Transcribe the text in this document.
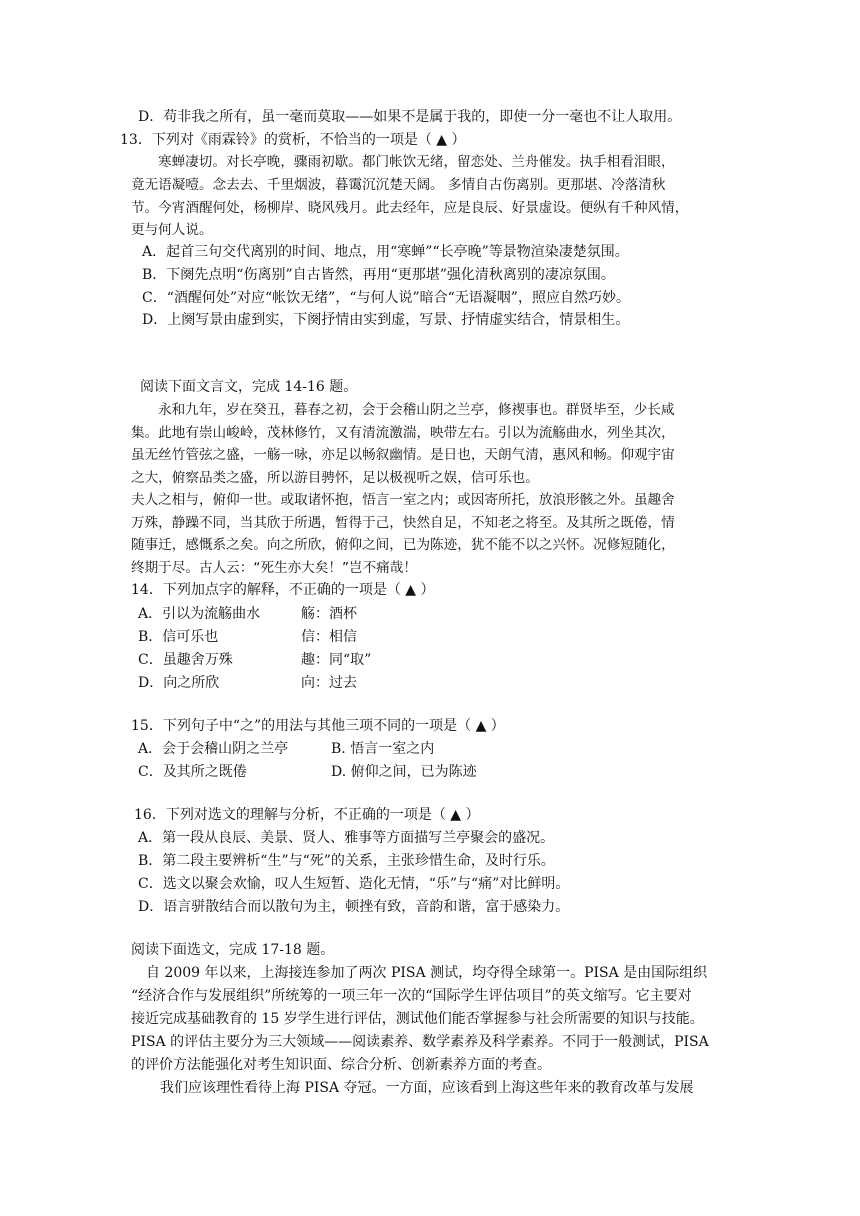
D．苟非我之所有，虽一毫而莫取——如果不是属于我的，即使一分一毫也不让人取用。
13．下列对《雨霖铃》的赏析，不恰当的一项是（ ▲ ）
寒蝉凄切。对长亭晚，骤雨初歇。都门帐饮无绪，留恋处、兰舟催发。执手相看泪眼，
竟无语凝噎。念去去、千里烟波，暮霭沉沉楚天阔。 多情自古伤离别。更那堪、冷落清秋
节。今宵酒醒何处，杨柳岸、晓风残月。此去经年，应是良辰、好景虚设。便纵有千种风情，
更与何人说。
A．起首三句交代离别的时间、地点，用“寒蝉”“长亭晚”等景物渲染凄楚氛围。
B．下阕先点明“伤离别”自古皆然，再用“更那堪”强化清秋离别的凄凉氛围。
C．“酒醒何处”对应“帐饮无绪”，“与何人说”暗合“无语凝咽”，照应自然巧妙。
D．上阕写景由虚到实，下阕抒情由实到虚，写景、抒情虚实结合，情景相生。
阅读下面文言文，完成 14-16 题。
永和九年，岁在癸丑，暮春之初，会于会稽山阴之兰亭，修禊事也。群贤毕至，少长咸
集。此地有崇山峻岭，茂林修竹，又有清流激湍，映带左右。引以为流觞曲水，列坐其次，
虽无丝竹管弦之盛，一觞一咏，亦足以畅叙幽情。是日也，天朗气清，惠风和畅。仰观宇宙
之大，俯察品类之盛，所以游目骋怀，足以极视听之娱，信可乐也。
夫人之相与，俯仰一世。或取诸怀抱，悟言一室之内；或因寄所托，放浪形骸之外。虽趣舍
万殊，静躁不同，当其欣于所遇，暂得于己，快然自足，不知老之将至。及其所之既倦，情
随事迁，感慨系之矣。向之所欣，俯仰之间，已为陈迹，犹不能不以之兴怀。况修短随化，
终期于尽。古人云：“死生亦大矣！”岂不痛哉！
14．下列加点字的解释，不正确的一项是（ ▲ ）
A．引以为流觞曲水	觞：酒杯
B．信可乐也	信：相信
C．虽趣舍万殊	趣：同“取”
D．向之所欣	向：过去
15．下列句子中“之”的用法与其他三项不同的一项是（ ▲ ）
A．会于会稽山阴之兰亭	B. 悟言一室之内
C．及其所之既倦	D. 俯仰之间，已为陈迹
16．下列对选文的理解与分析，不正确的一项是（ ▲ ）
A．第一段从良辰、美景、贤人、雅事等方面描写兰亭聚会的盛况。
B．第二段主要辨析“生”与“死”的关系，主张珍惜生命，及时行乐。
C．选文以聚会欢愉，叹人生短暂、造化无情，“乐”与“痛”对比鲜明。
D．语言骈散结合而以散句为主，顿挫有致，音韵和谐，富于感染力。
阅读下面选文，完成 17-18 题。
自 2009 年以来，上海接连参加了两次 PISA 测试，均夺得全球第一。PISA 是由国际组织
“经济合作与发展组织”所统筹的一项三年一次的“国际学生评估项目”的英文缩写。它主要对
接近完成基础教育的 15 岁学生进行评估，测试他们能否掌握参与社会所需要的知识与技能。
PISA 的评估主要分为三大领域——阅读素养、数学素养及科学素养。不同于一般测试，PISA
的评价方法能强化对考生知识面、综合分析、创新素养方面的考查。
我们应该理性看待上海 PISA 夺冠。一方面，应该看到上海这些年来的教育改革与发展
